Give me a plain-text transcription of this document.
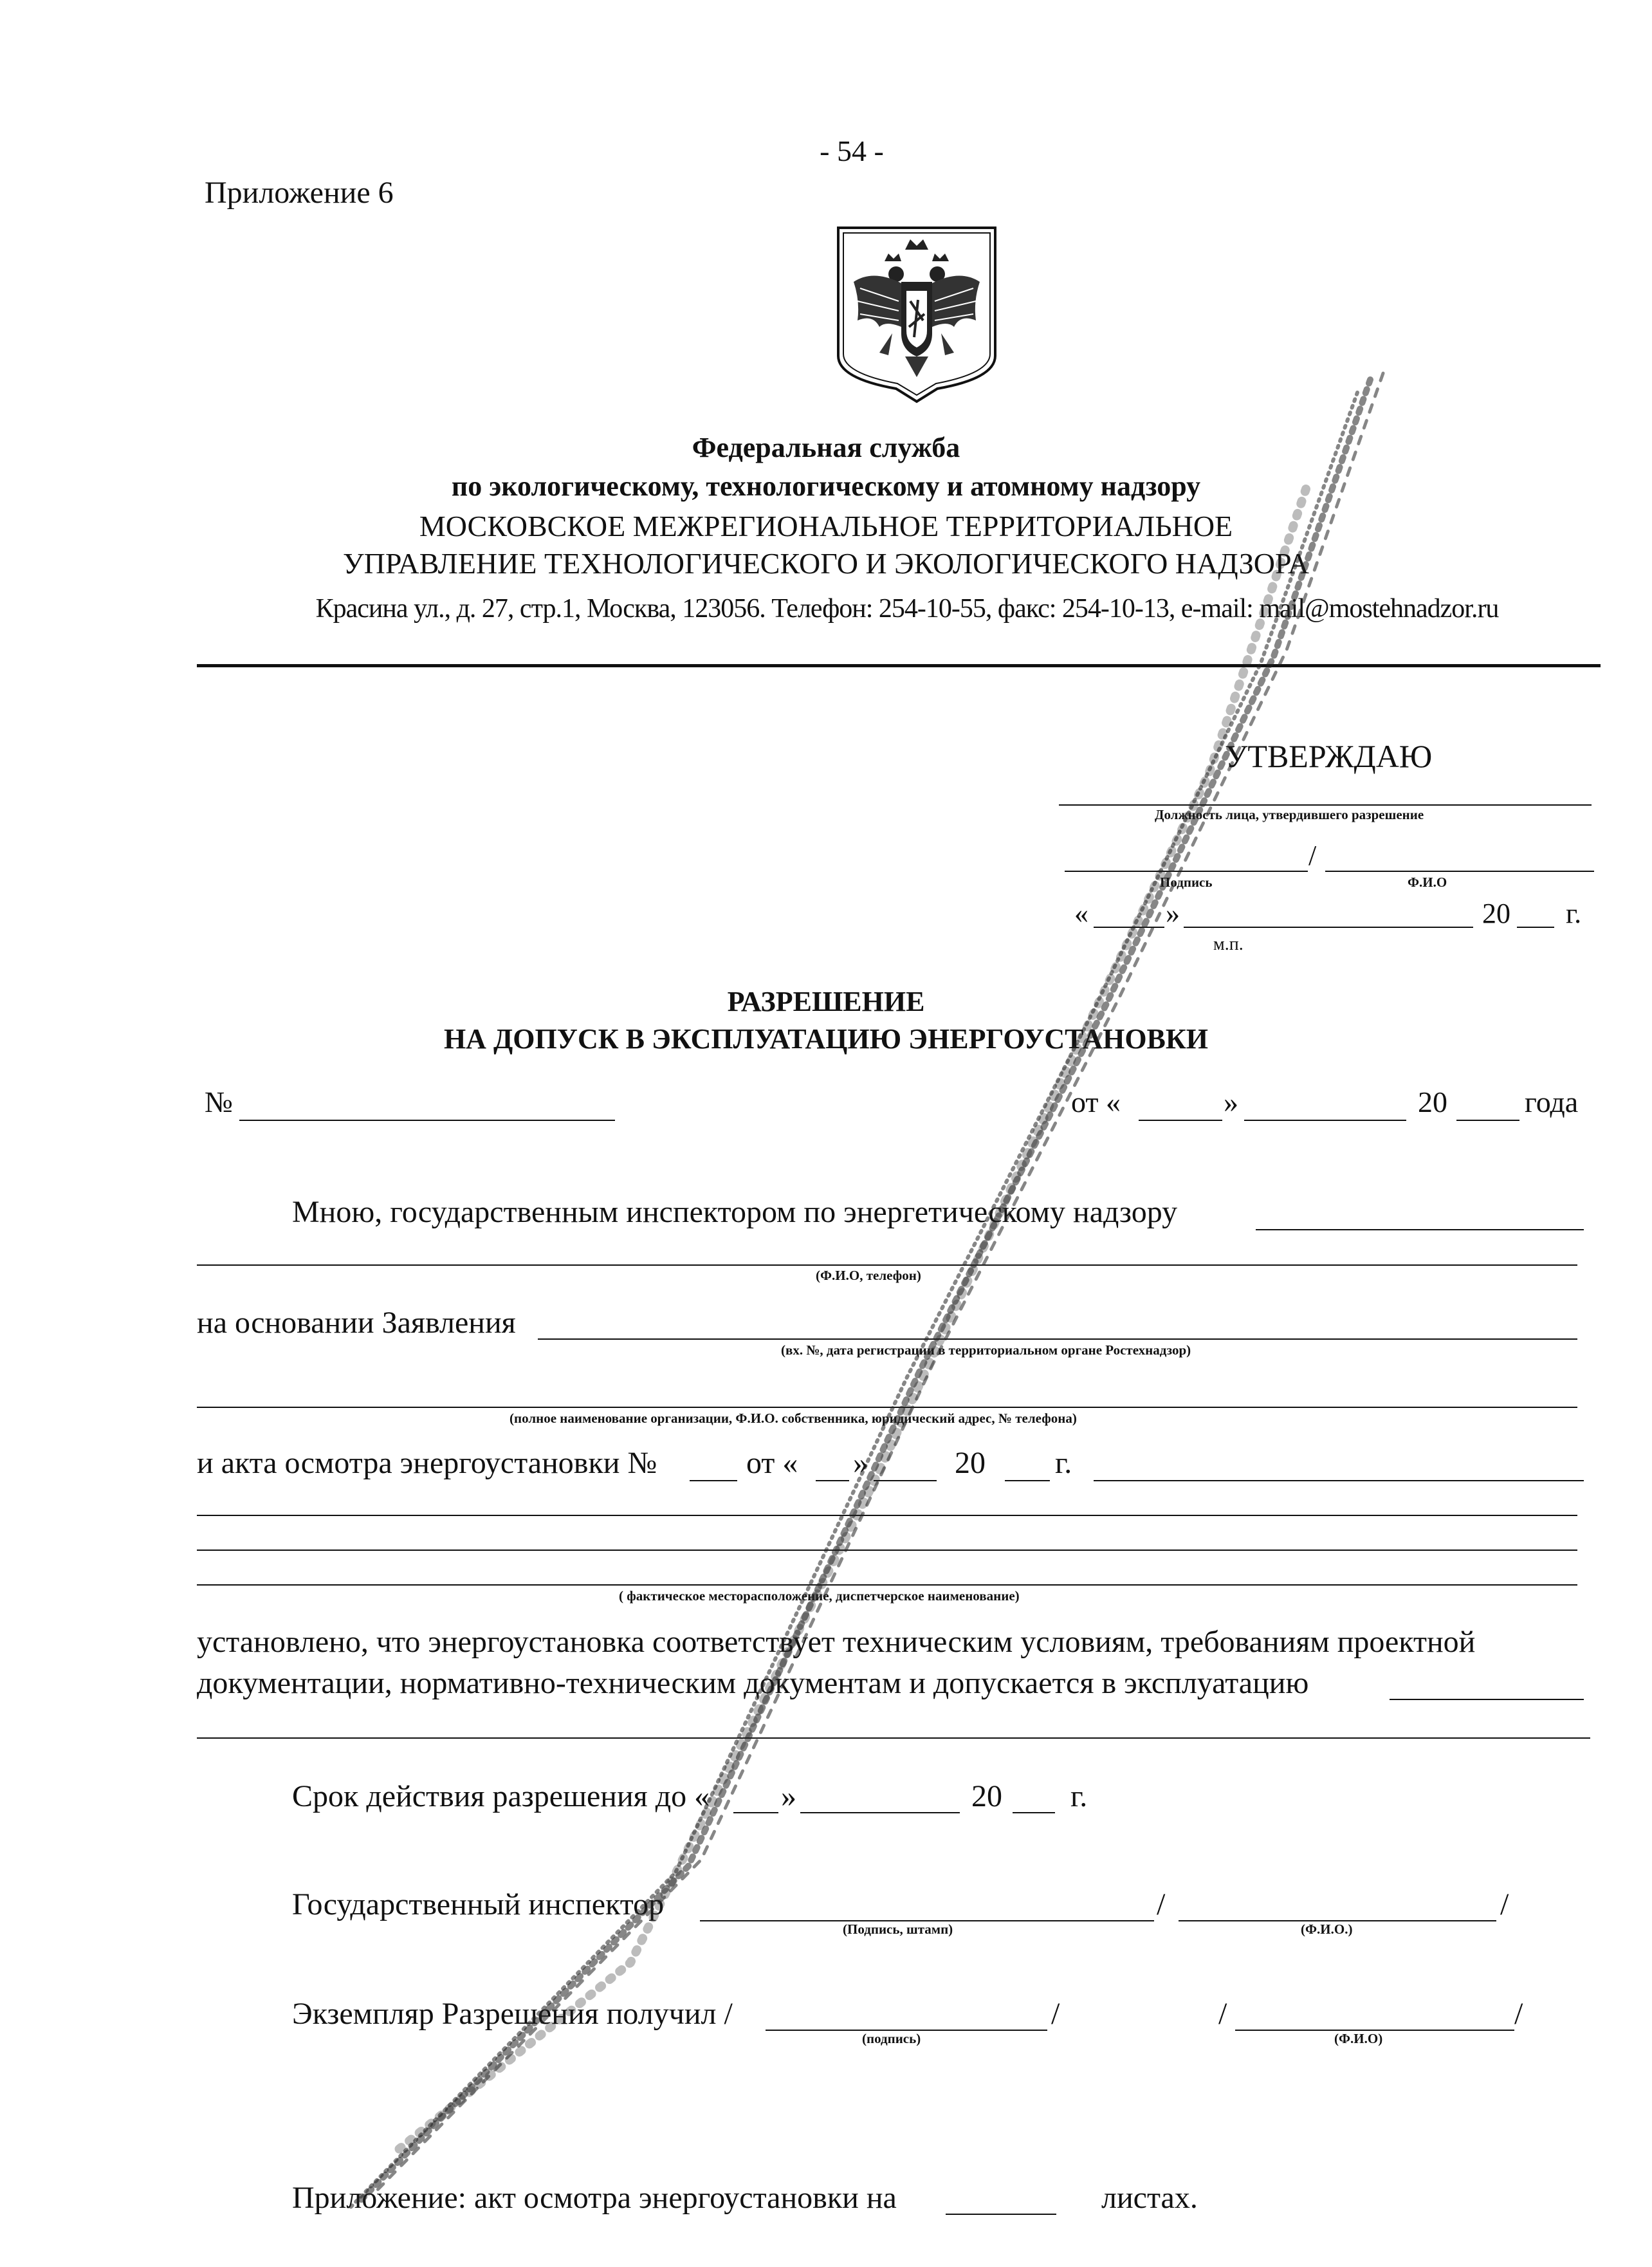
- 54 -
Приложение 6
Федеральная служба
по экологическому, технологическому и атомному надзору
МОСКОВСКОЕ МЕЖРЕГИОНАЛЬНОЕ ТЕРРИТОРИАЛЬНОЕ
УПРАВЛЕНИЕ ТЕХНОЛОГИЧЕСКОГО И ЭКОЛОГИЧЕСКОГО НАДЗОРА
Красина ул., д. 27, стр.1, Москва, 123056. Телефон: 254-10-55, факс: 254-10-13, e-mail: mail@mostehnadzor.ru
УТВЕРЖДАЮ
Должность лица, утвердившего разрешение
/
Подпись	Ф.И.О
«	»	20 г.
м.п.
РАЗРЕШЕНИЕ
НА ДОПУСК В ЭКСПЛУАТАЦИЮ ЭНЕРГОУСТАНОВКИ
№	от «	»	20	года
Мною, государственным инспектором по энергетическому надзору
(Ф.И.О, телефон)
на основании Заявления
(вх. №, дата регистрации в территориальном органе Ростехнадзор)
(полное наименование организации, Ф.И.О. собственника, юридический адрес, № телефона)
и акта осмотра энергоустановки №	от « »	20 г.
( фактическое месторасположение, диспетчерское наименование)
установлено, что энергоустановка соответствует техническим условиям, требованиям проектной
документации, нормативно-техническим документам и допускается в эксплуатацию
Срок действия разрешения до « »	20 г.
Государственный инспектор	/	/
(Подпись, штамп)	(Ф.И.О.)
Экземпляр Разрешения получил /	/	/	/
(подпись)	(Ф.И.О)
Приложение: акт осмотра энергоустановки на	листах.
